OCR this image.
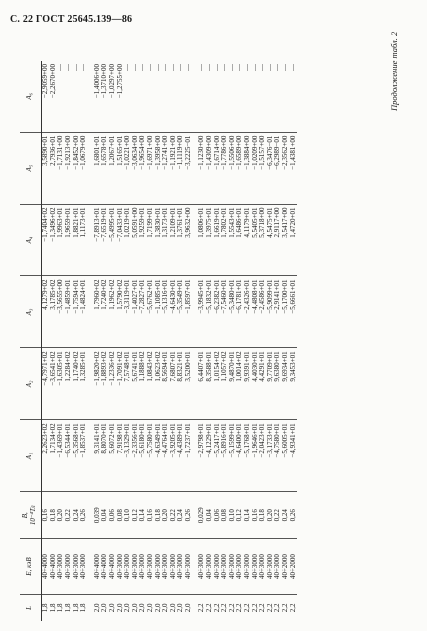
С. 22 ГОСТ 25645.139—86
Продолжение табл. 2
L	E, кэВ	B,
10⁻⁴Тл	A₁	A₂	A₃	A₄	A₅	A₆
1,8	40÷4000	0,16	2,2623+02	−4,7971+02	4,1279+02	−1,7404+02	3,5890+01	−2,9059+00
1,8	40÷4000	0,18	1,7134+02	−3,6541+02	3,1785+02	−1,3496+02	2,7936+01	−2,2670+00
1,8	40÷3000	0,20	−1,4369+01	−1,6305+01	−3,5655+00	1,9963+01	−1,7131+00	—
1,8	40÷3000	0,22	−6,5344+01	1,2284+02	−1,4859+01	1,9659+01	−1,9213+00	—
1,8	40÷3000	0,24	−5,3568+01	1,1740+02	−1,7594+01	1,8821+01	−1,8452+00	—
1,8	40÷3000	0,26	−1,8537+01	1,3285+01	−1,4824+01	1,1173+01	−1,0679+00	—

2,0	40÷4000	0,039	9,3141+01	−1,9820+02	1,7960+02	−7,8913+01	1,6801+01	−1,4006+00
2,0	40÷4000	0,04	8,8070+01	−1,8893+02	1,7240+02	−7,6519+01	1,6578+01	−1,3710+00
2,0	40÷4000	0,06	5,6072+01	−1,2336+02	1,1962+02	−5,4995+01	1,2067+01	−1,0297+00
2,0	40÷3000	0,08	7,9198+01	−1,7091+02	1,5790+02	−7,0433+01	1,5165+01	−1,2755+00
2,0	40÷3000	0,10	−3,1329+01	7,5748+01	−3,3119+01	1,0219+01	−1,0221+00	—
2,0	40÷3000	0,12	−2,3356+01	5,6741+01	−1,4027+01	5,0591+00	−3,0634+00	—
2,0	40÷3000	0,14	−5,6180+01	1,1888+02	−7,2827+01	1,9259+01	−1,9654+00	—
2,0	40÷3000	0,16	−5,7580+01	1,0843+02	−5,6762+01	1,7199+01	−1,6971+00	—
2,0	40÷3000	0,18	−4,6349+01	1,0623+02	−1,1085+01	1,3830+01	−1,3958+00	—
2,0	40÷3000	0,20	−4,4764+01	8,5694+01	−5,1316+01	1,3173+01	−1,2741+00	—
2,0	40÷3000	0,22	−3,9205+01	7,6807+01	−4,6430+01	1,2109+01	−1,1921+00	—
2,0	40÷3000	0,24	−4,4389+01	8,8321+01	−5,3549+01	1,3761+01	−1,1119+00	—
2,0	40÷3000	0,26	−1,7237+01	3,5200+01	−1,8597+01	3,9632+00	−3,2225−01	—

2,2	40÷3000	0,029	−2,9798+01	6,4407+01	−3,9945+01	1,0806+01	−1,1230+00	—
2,2	40÷3000	0,04	−4,1229+01	8,3588+01	−5,1832+01	1,3975+01	−1,4309+00	—
2,2	40÷3000	0,06	−5,2417+01	1,0154+02	−6,2382+01	1,6619+01	−1,6714+00	—
2,2	40÷3000	0,08	−5,8916+01	1,1057+02	−7,5460+01	1,7802+01	−1,7786+00	—
2,2	40÷3000	0,10	−5,1599+01	9,4870+01	−5,3480+01	1,5543+01	−1,5506+00	—
2,2	40÷3000	0,12	−4,6400+01	1,0014+02	−6,1781+01	1,6486+01	−1,6589+00	—
2,2	40÷3000	0,14	−5,1768+01	9,9391+01	−2,4326+01	4,1179+01	−1,3884+00	—
2,2	40÷3000	0,16	−1,9646+01	4,4030+01	−4,4808+01	5,5405+01	−1,0209+00	—
2,2	40÷3000	0,18	−2,0423+01	4,4291+01	−2,4586+01	5,3718+00	−1,5157+00	—
2,2	40÷3000	0,20	−3,1733+01	9,7709+01	−5,9099+01	4,5475+01	−6,3476−01	—
2,2	40÷3000	0,22	−4,7580+01	9,6380+01	−2,9141+01	2,9117+00	−6,2989−01	—
2,2	40÷2000	0,24	−5,6005+01	9,6934+01	−5,1700+01	3,5417+00	−2,3562+00	—
2,2	40÷2000	0,26	−4,9341+01	9,3453+01	−5,6661+01	1,4720+01	−1,4381+00	—
